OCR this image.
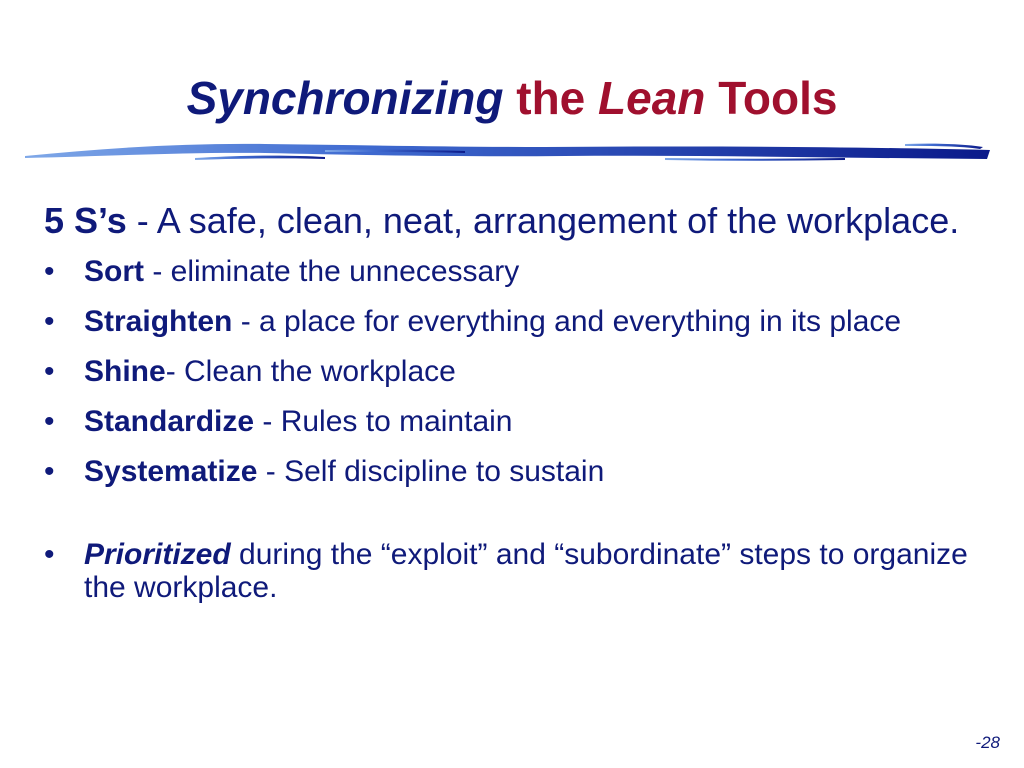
Synchronizing the Lean Tools

5 S’s - A safe, clean, neat, arrangement of the workplace.

• Sort - eliminate the unnecessary
• Straighten - a place for everything and everything in its place
• Shine- Clean the workplace
• Standardize - Rules to maintain
• Systematize - Self discipline to sustain
• Prioritized during the “exploit” and “subordinate” steps to organize the workplace.
-28
